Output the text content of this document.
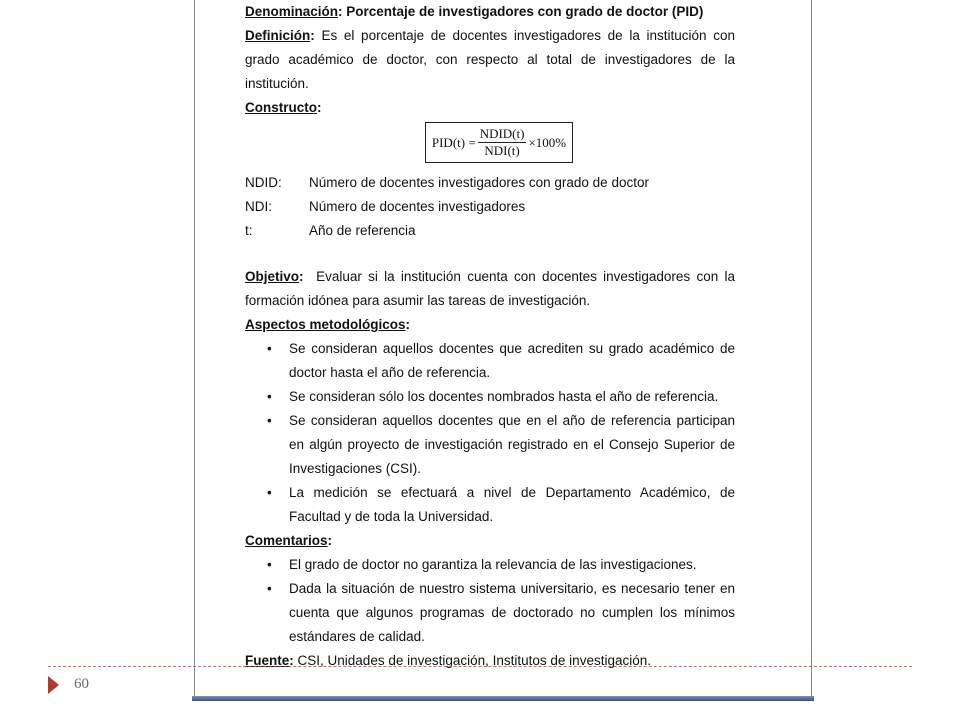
Denominación: Porcentaje de investigadores con grado de doctor (PID)

Definición: Es el porcentaje de docentes investigadores de la institución con grado académico de doctor, con respecto al total de investigadores de la institución.

Constructo:

$PID(t) = \frac{\text{NDID(t)}}{\text{NDI(t)}} \times 100\%$
NDID:	Número de docentes investigadores con grado de doctor
NDI:	Número de docentes investigadores
t:	Año de referencia

Objetivo: Evaluar si la institución cuenta con docentes investigadores con la formación idónea para asumir las tareas de investigación.

Aspectos metodológicos:

• Se consideran aquellos docentes que acrediten su grado académico de doctor hasta el año de referencia.
• Se consideran sólo los docentes nombrados hasta el año de referencia.
• Se consideran aquellos docentes que en el año de referencia participan en algún proyecto de investigación registrado en el Consejo Superior de Investigaciones (CSI).
• La medición se efectuará a nivel de Departamento Académico, de Facultad y de toda la Universidad.

Comentarios:

• El grado de doctor no garantiza la relevancia de las investigaciones.
• Dada la situación de nuestro sistema universitario, es necesario tener en cuenta que algunos programas de doctorado no cumplen los mínimos estándares de calidad.

Fuente: CSI, Unidades de investigación, Institutos de investigación.

60
